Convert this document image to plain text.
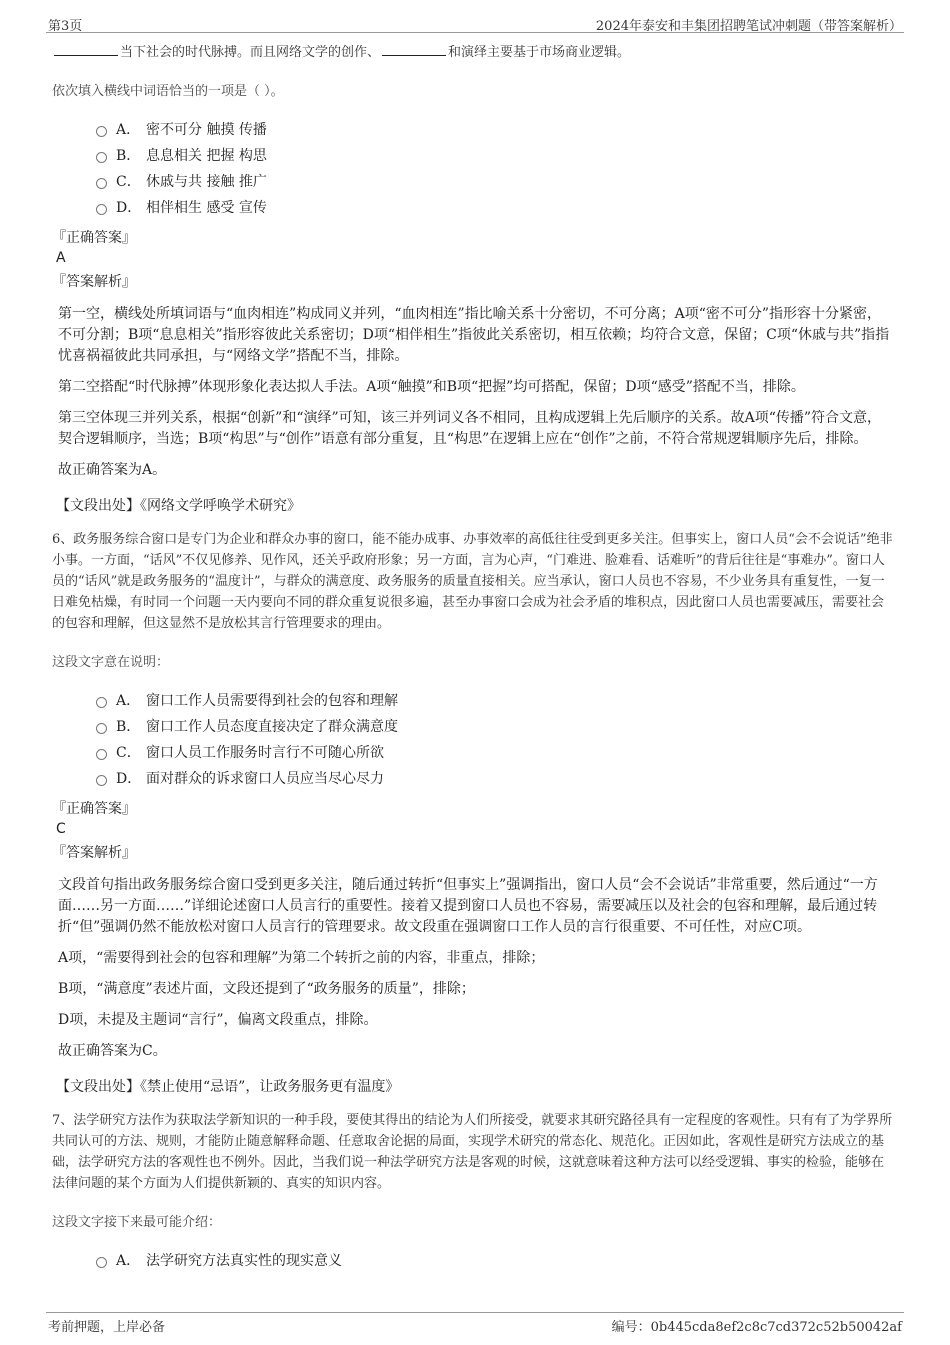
第3页	2024年泰安和丰集团招聘笔试冲刺题（带答案解析）

当下社会的时代脉搏。而且网络文学的创作、	和演绎主要基于市场商业逻辑。

依次填入横线中词语恰当的一项是（ ）。

A． 密不可分 触摸 传播
B． 息息相关 把握 构思
C． 休戚与共 接触 推广
D． 相伴相生 感受 宣传

『正确答案』

A

『答案解析』

第一空，横线处所填词语与“血肉相连”构成同义并列，“血肉相连”指比喻关系十分密切，不可分离；A项“密不可分”指形容十分紧密，不可分割；B项“息息相关”指形容彼此关系密切；D项“相伴相生”指彼此关系密切，相互依赖；均符合文意，保留；C项“休戚与共”指指忧喜祸福彼此共同承担，与“网络文学”搭配不当，排除。

第二空搭配“时代脉搏”体现形象化表达拟人手法。A项“触摸”和B项“把握”均可搭配，保留；D项“感受”搭配不当，排除。

第三空体现三并列关系，根据“创新”和“演绎”可知，该三并列词义各不相同，且构成逻辑上先后顺序的关系。故A项“传播”符合文意，契合逻辑顺序，当选；B项“构思”与“创作”语意有部分重复，且“构思”在逻辑上应在“创作”之前，不符合常规逻辑顺序先后，排除。

故正确答案为A。

【文段出处】《网络文学呼唤学术研究》

6、政务服务综合窗口是专门为企业和群众办事的窗口，能不能办成事、办事效率的高低往往受到更多关注。但事实上，窗口人员“会不会说话”绝非小事。一方面，“话风”不仅见修养、见作风，还关乎政府形象；另一方面，言为心声，“门难进、脸难看、话难听”的背后往往是“事难办”。窗口人员的“话风”就是政务服务的“温度计”，与群众的满意度、政务服务的质量直接相关。应当承认，窗口人员也不容易，不少业务具有重复性，一复一日难免枯燥，有时同一个问题一天内要向不同的群众重复说很多遍，甚至办事窗口会成为社会矛盾的堆积点，因此窗口人员也需要减压，需要社会的包容和理解，但这显然不是放松其言行管理要求的理由。

这段文字意在说明：

A． 窗口工作人员需要得到社会的包容和理解
B． 窗口工作人员态度直接决定了群众满意度
C． 窗口人员工作服务时言行不可随心所欲
D． 面对群众的诉求窗口人员应当尽心尽力

『正确答案』

C

『答案解析』

文段首句指出政务服务综合窗口受到更多关注，随后通过转折“但事实上”强调指出，窗口人员“会不会说话”非常重要，然后通过“一方面……另一方面……”详细论述窗口人员言行的重要性。接着又提到窗口人员也不容易，需要减压以及社会的包容和理解，最后通过转折“但”强调仍然不能放松对窗口人员言行的管理要求。故文段重在强调窗口工作人员的言行很重要、不可任性，对应C项。

A项，“需要得到社会的包容和理解”为第二个转折之前的内容，非重点，排除；

B项，“满意度”表述片面，文段还提到了“政务服务的质量”，排除；

D项，未提及主题词“言行”，偏离文段重点，排除。

故正确答案为C。

【文段出处】《禁止使用“忌语”，让政务服务更有温度》

7、法学研究方法作为获取法学新知识的一种手段，要使其得出的结论为人们所接受，就要求其研究路径具有一定程度的客观性。只有有了为学界所共同认可的方法、规则，才能防止随意解释命题、任意取舍论据的局面，实现学术研究的常态化、规范化。正因如此，客观性是研究方法成立的基础，法学研究方法的客观性也不例外。因此，当我们说一种法学研究方法是客观的时候，这就意味着这种方法可以经受逻辑、事实的检验，能够在法律问题的某个方面为人们提供新颖的、真实的知识内容。

这段文字接下来最可能介绍：

A． 法学研究方法真实性的现实意义
考前押题，上岸必备	编号：0b445cda8ef2c8c7cd372c52b50042af
